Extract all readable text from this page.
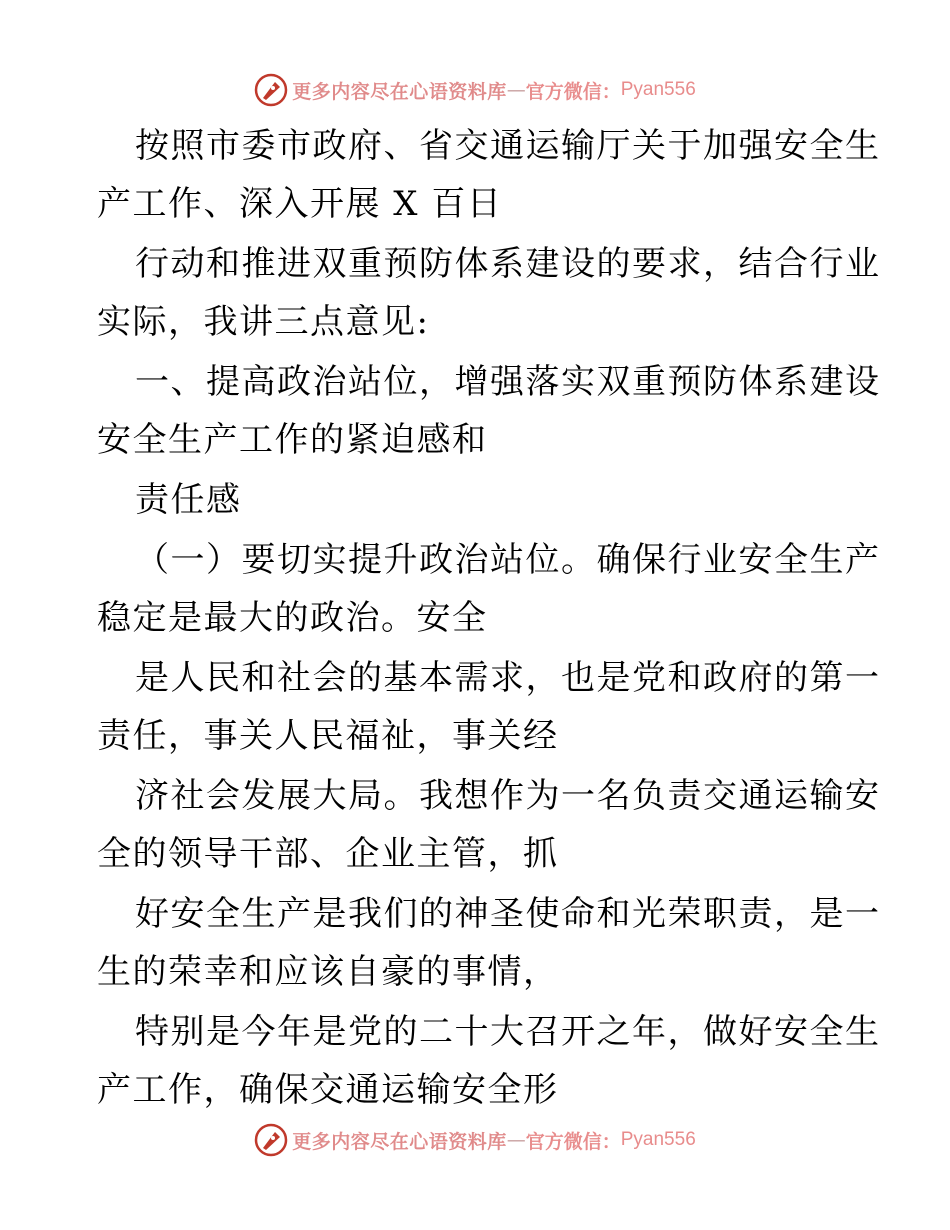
更多内容尽在心语资料库 — 官方微信： Pyan556
按照市委市政府、省交通运输厅关于加强安全生
产工作、深入开展 X 百日
行动和推进双重预防体系建设的要求，结合行业
实际，我讲三点意见:
一、提高政治站位，增强落实双重预防体系建设
安全生产工作的紧迫感和
责任感
（一）要切实提升政治站位。确保行业安全生产
稳定是最大的政治。安全
是人民和社会的基本需求，也是党和政府的第一
责任，事关人民福祉，事关经
济社会发展大局。我想作为一名负责交通运输安
全的领导干部、企业主管，抓
好安全生产是我们的神圣使命和光荣职责，是一
生的荣幸和应该自豪的事情，
特别是今年是党的二十大召开之年，做好安全生
产工作，确保交通运输安全形
更多内容尽在心语资料库 — 官方微信： Pyan556
